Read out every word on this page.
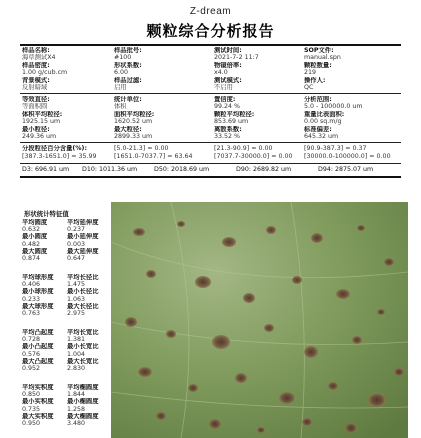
Z-dream
颗粒综合分析报告
样品名称:	样品批号:	测试时间:	SOP文件:
海草测试X4	#100	2021-7-2 11:7	manual.spn
样品密度:	形状系数:	物镜倍率:	颗粒数量:
1.00 g/cub.cm	6.00	x4.0	219
背景模式:	样品过滤:	测试模式:	操作人:
反射暗域	启用	不启用	QC
等效直径:	统计单位:	置信度:	分析范围:
等面积圆	体积	99.24 %	5.0 - 100000.0 um
体积平均粒径:	面积平均粒径:	颗粒平均粒径:	重量比表面积:
1925.15 um	1620.52 um	853.69 um	0.00 sq.m/g
最小粒径:	最大粒径:	离散系数:	标准偏差:
249.36 um	2899.33 um	33.52 %	645.32 um
分段粒径百分含量(%):	[5.0-21.3] = 0.00	[21.3-90.9] = 0.00	[90.9-387.3] = 0.37
[387.3-1651.0] = 35.99	[1651.0-7037.7] = 63.64	[7037.7-30000.0] = 0.00	[30000.0-100000.0] = 0.00
D3: 696.91 um D10: 1011.36 um	D50: 2018.69 um	D90: 2689.82 um	D94: 2875.07 um
形状统计特征值
平均圆度	平均延伸度
0.632	0.237
最小圆度	最小延伸度
0.482	0.003
最大圆度	最大延伸度
0.874	0.647
平均球形度	平均长径比
0.406	1.475
最小球形度	最小长径比
0.233	1.063
最大球形度	最大长径比
0.763	2.975
平均凸起度	平均长宽比
0.728	1.381
最小凸起度	最小长宽比
0.576	1.004
最大凸起度	最大长宽比
0.952	2.830
平均实积度	平均椭圆度
0.850	1.844
最小实积度	最小椭圆度
0.735	1.258
最大实积度	最大椭圆度
0.950	3.480
